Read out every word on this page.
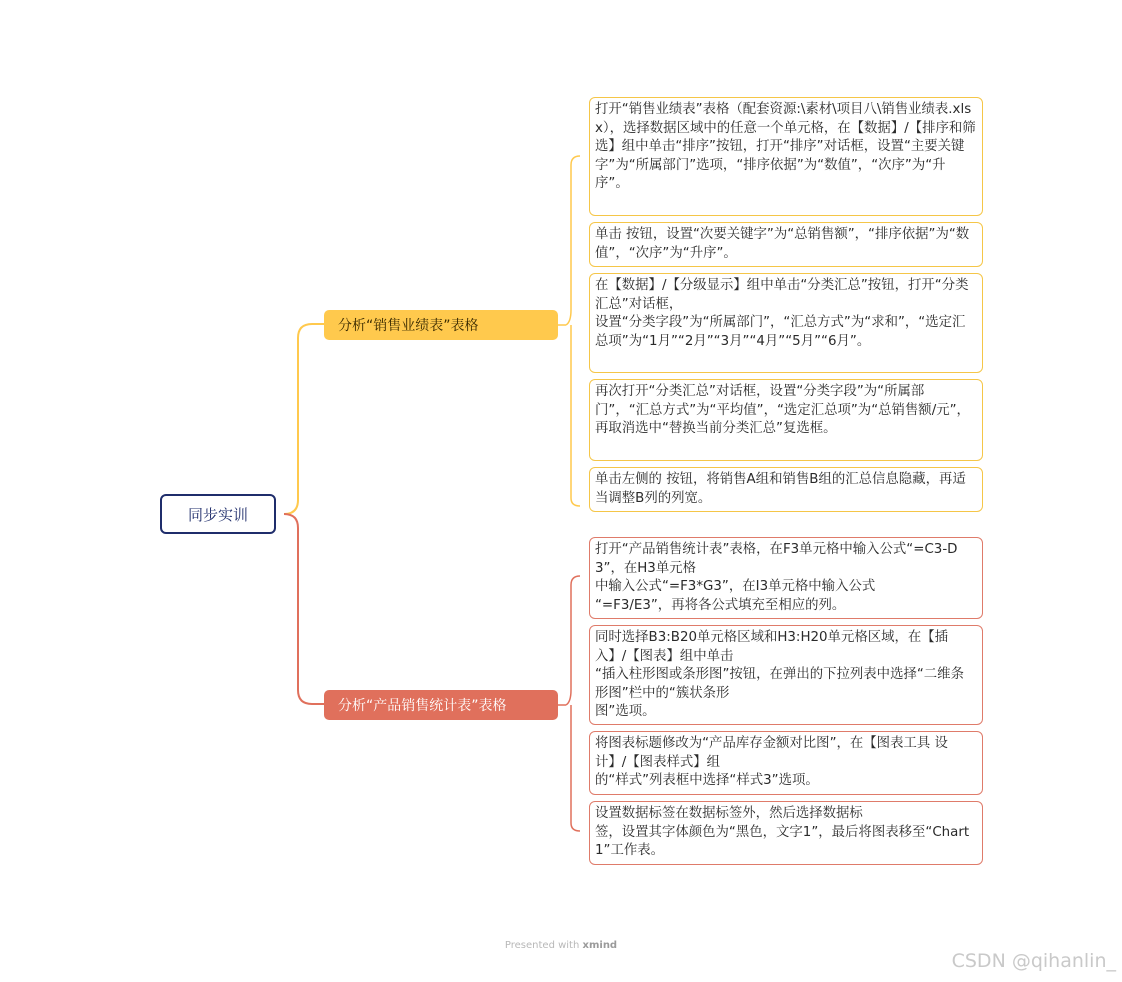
同步实训
分析“销售业绩表”表格
分析“产品销售统计表”表格
打开“销售业绩表”表格（配套资源:\素材\项目八\销售业绩表.xlsx），选择数据区域中的任意一个单元格，在【数据】/【排序和筛选】组中单击“排序”按钮，打开“排序”对话框，设置“主要关键字”为“所属部门”选项，“排序依据”为“数值”，“次序”为“升序”。
单击 按钮，设置“次要关键字”为“总销售额”，“排序依据”为“数值”，“次序”为“升序”。
在【数据】/【分级显示】组中单击“分类汇总”按钮，打开“分类汇总”对话框，
设置“分类字段”为“所属部门”，“汇总方式”为“求和”，“选定汇总项”为“1月”“2月”“3月”“4月”“5月”“6月”。
再次打开“分类汇总”对话框，设置“分类字段”为“所属部门”，“汇总方式”为“平均值”，“选定汇总项”为“总销售额/元”，再取消选中“替换当前分类汇总”复选框。
单击左侧的 按钮，将销售A组和销售B组的汇总信息隐藏，再适当调整B列的列宽。
打开“产品销售统计表”表格，在F3单元格中输入公式“=C3-D3”，在H3单元格
中输入公式“=F3*G3”，在I3单元格中输入公式
“=F3/E3”，再将各公式填充至相应的列。
同时选择B3:B20单元格区域和H3:H20单元格区域，在【插入】/【图表】组中单击
“插入柱形图或条形图”按钮，在弹出的下拉列表中选择“二维条形图”栏中的“簇状条形
图”选项。
将图表标题修改为“产品库存金额对比图”，在【图表工具 设计】/【图表样式】组
的“样式”列表框中选择“样式3”选项。
设置数据标签在数据标签外，然后选择数据标
签，设置其字体颜色为“黑色，文字1”，最后将图表移至“Chart1”工作表。
Presented with xmind
CSDN @qihanlin_
